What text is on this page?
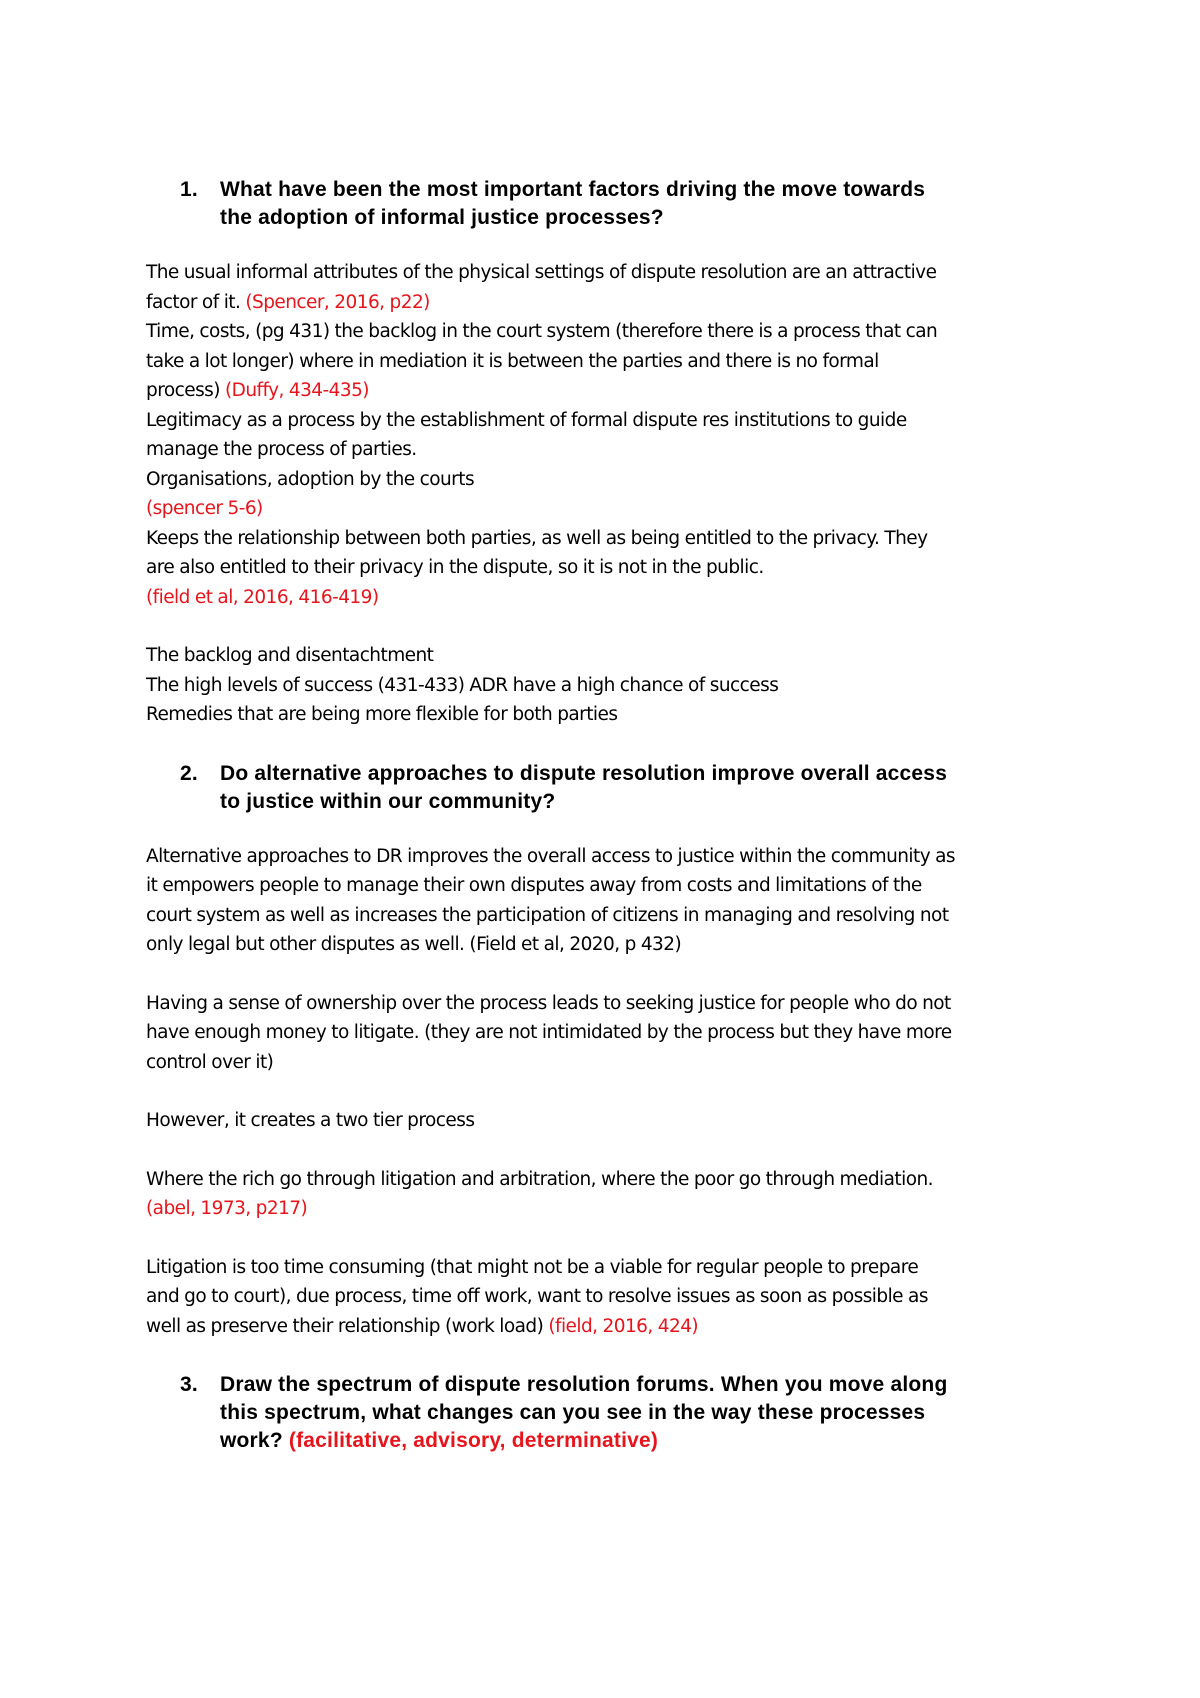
1. What have been the most important factors driving the move towards
the adoption of informal justice processes?
The usual informal attributes of the physical settings of dispute resolution are an attractive
factor of it. (Spencer, 2016, p22)
Time, costs, (pg 431) the backlog in the court system (therefore there is a process that can
take a lot longer) where in mediation it is between the parties and there is no formal
process) (Duffy, 434-435)
Legitimacy as a process by the establishment of formal dispute res institutions to guide
manage the process of parties.
Organisations, adoption by the courts
(spencer 5-6)
Keeps the relationship between both parties, as well as being entitled to the privacy. They
are also entitled to their privacy in the dispute, so it is not in the public.
(field et al, 2016, 416-419)
The backlog and disentachtment
The high levels of success (431-433) ADR have a high chance of success
Remedies that are being more flexible for both parties
2. Do alternative approaches to dispute resolution improve overall access
to justice within our community?
Alternative approaches to DR improves the overall access to justice within the community as
it empowers people to manage their own disputes away from costs and limitations of the
court system as well as increases the participation of citizens in managing and resolving not
only legal but other disputes as well. (Field et al, 2020, p 432)
Having a sense of ownership over the process leads to seeking justice for people who do not
have enough money to litigate. (they are not intimidated by the process but they have more
control over it)
However, it creates a two tier process
Where the rich go through litigation and arbitration, where the poor go through mediation.
(abel, 1973, p217)
Litigation is too time consuming (that might not be a viable for regular people to prepare
and go to court), due process, time off work, want to resolve issues as soon as possible as
well as preserve their relationship (work load) (field, 2016, 424)
3. Draw the spectrum of dispute resolution forums. When you move along
this spectrum, what changes can you see in the way these processes
work? (facilitative, advisory, determinative)
